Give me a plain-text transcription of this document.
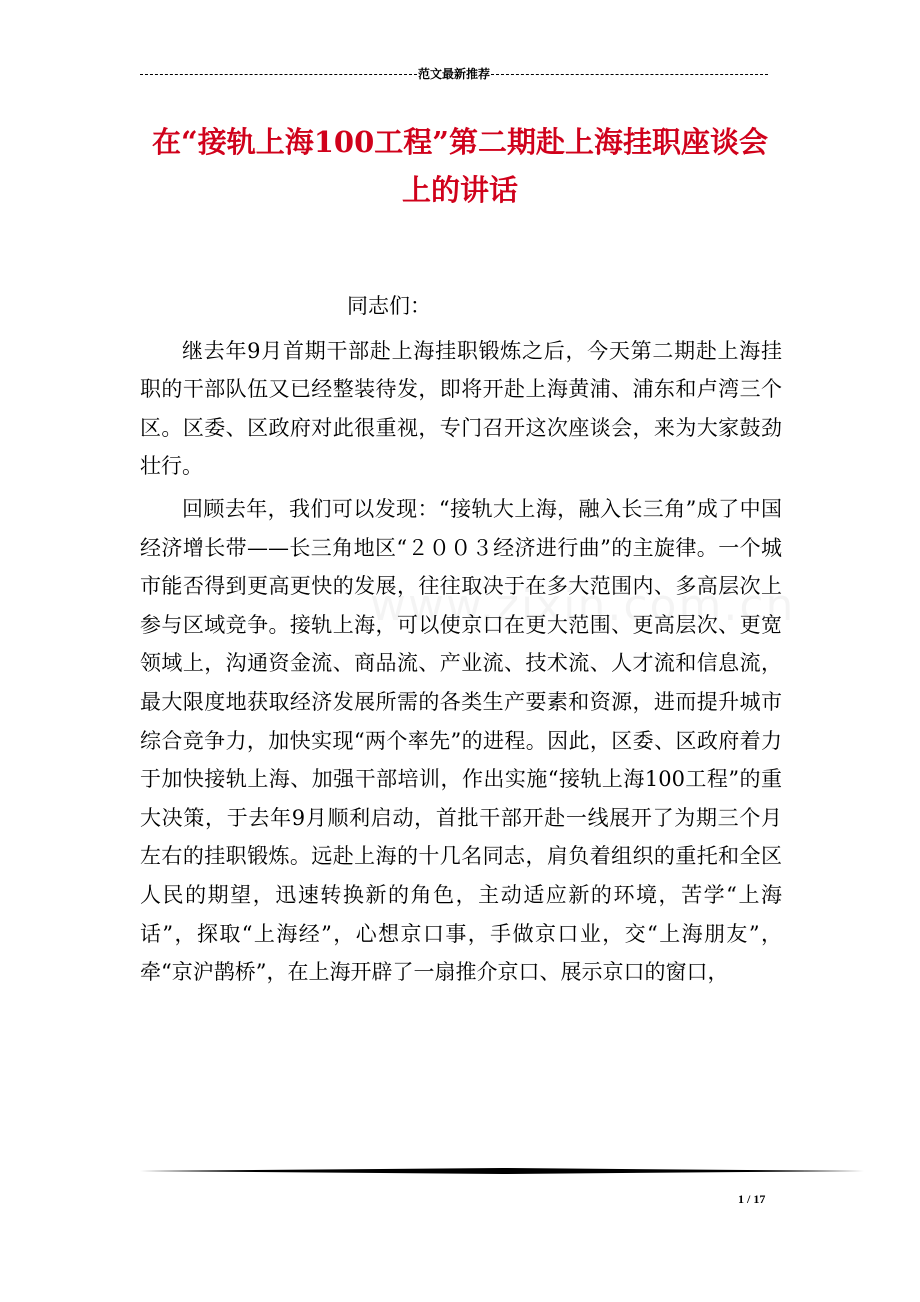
范文最新推荐
在“接轨上海100工程”第二期赴上海挂职座谈会
上的讲话

同志们：

继去年9月首期干部赴上海挂职锻炼之后，今天第二期赴上海挂职的干部队伍又已经整装待发，即将开赴上海黄浦、浦东和卢湾三个区。区委、区政府对此很重视，专门召开这次座谈会，来为大家鼓劲壮行。

回顾去年，我们可以发现：“接轨大上海，融入长三角”成了中国经济增长带——长三角地区“２００３经济进行曲”的主旋律。一个城市能否得到更高更快的发展，往往取决于在多大范围内、多高层次上参与区域竞争。接轨上海，可以使京口在更大范围、更高层次、更宽领域上，沟通资金流、商品流、产业流、技术流、人才流和信息流，最大限度地获取经济发展所需的各类生产要素和资源，进而提升城市综合竞争力，加快实现“两个率先”的进程。因此，区委、区政府着力于加快接轨上海、加强干部培训，作出实施“接轨上海100工程”的重大决策，于去年9月顺利启动，首批干部开赴一线展开了为期三个月左右的挂职锻炼。远赴上海的十几名同志，肩负着组织的重托和全区人民的期望，迅速转换新的角色，主动适应新的环境，苦学“上海话”，探取“上海经”，心想京口事，手做京口业，交“上海朋友”，牵“京沪鹊桥”，在上海开辟了一扇推介京口、展示京口的窗口，

1 / 17
